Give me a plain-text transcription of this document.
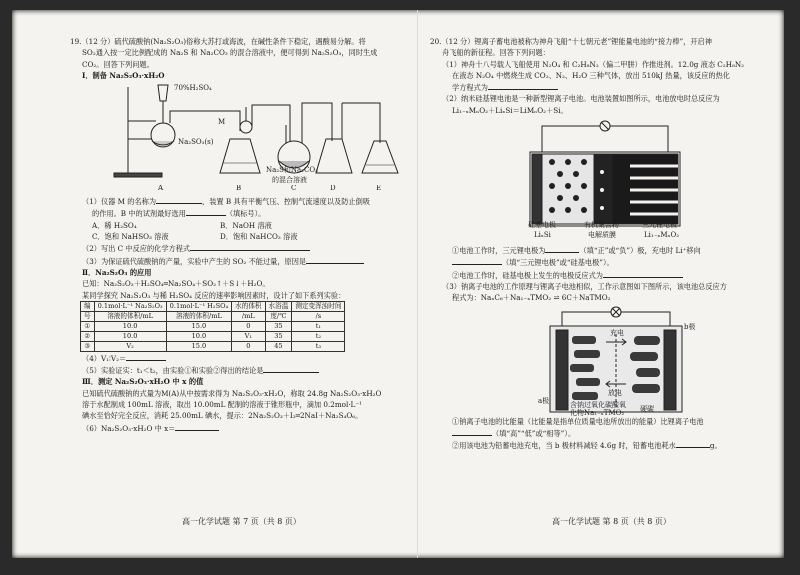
19.（12 分）硫代硫酸钠(Na₂S₂O₃)俗称大苏打或海波，在碱性条件下稳定，遇酸易分解。将
SO₂通入按一定比例配成的 Na₂S 和 Na₂CO₃ 的混合溶液中，便可得到 Na₂S₂O₃，同时生成
CO₂。回答下列问题。
Ⅰ．制备 Na₂S₂O₃·xH₂O
70%H₂SO₄
M
Na₂SO₃(s)
Na₂S和Na₂CO₃
的混合溶液
A	B	C	D	E
（1）仪器 M 的名称为	，装置 B 具有平衡气压、控制气流速度以及防止倒吸
的作用。B 中的试剂最好选用	（填标号）。
A．稀 H₂SO₄	B．NaOH 溶液
C．饱和 NaHSO₃ 溶液	D．饱和 NaHCO₃ 溶液
（2）写出 C 中反应的化学方程式
（3）为保证硫代硫酸钠的产量，实验中产生的 SO₂ 不能过量，原因是
Ⅱ．Na₂S₂O₃ 的应用
已知：Na₂S₂O₃＋H₂SO₄═Na₂SO₄＋SO₂↑＋S↓＋H₂O。
某同学探究 Na₂S₂O₃ 与稀 H₂SO₄ 反应的速率影响因素时，设计了如下系列实验：
编	0.1mol·L⁻¹ Na₂S₂O₃	0.1mol·L⁻¹ H₂SO₄	水的体积	水浴温	测定变浑浊时间
号	溶液的体积/mL	溶液的体积/mL	/mL	度/℃	/s
①	10.0	15.0	0	35	t₁
②	10.0	10.0	V₁	35	t₂
③	V₂	15.0	0	45	t₃
（4）V₁∶V₂＝
（5）实验证实：t₁＜t₂，由实验①和实验②得出的结论是
Ⅲ．测定 Na₂S₂O₃·xH₂O 中 x 的值
已知硫代硫酸钠的式量为M(A)从中按需求得为 Na₂S₂O₃·xH₂O，称取 24.8g Na₂S₂O₃·xH₂O
溶于水配制成 100mL 溶液，取出 10.00mL 配制的溶液于锥形瓶中，滴加 0.2mol·L⁻¹
碘水至恰好完全反应，消耗 25.00mL 碘水，提示：2Na₂S₂O₃＋I₂═2NaI＋Na₂S₄O₆。
（6）Na₂S₂O₃·xH₂O 中 x＝
高一化学试题 第 7 页（共 8 页）
20.（12 分）锂离子蓄电池被称为神舟飞船“十七朝元老”锂能量电池的“接力棒”，开启神
舟飞船的新征程。回答下列问题：
（1）神舟十八号载人飞船使用 N₂O₄ 和 C₂H₈N₂（偏二甲肼）作推进剂。12.0g 液态 C₂H₈N₂
在液态 N₂O₄ 中燃烧生成 CO₂、N₂、H₂O 三种气体，放出 510kJ 热量，该反应的热化
学方程式为
（2）纳米硅基锂电池是一种新型锂离子电池。电池装置如图所示，电池放电时总反应为
Li₁₋ₓMₙO₂＋LiₓSi＝LiMₙO₂＋Si。
硅基电极
LiₓSi
有机聚合物
电解质膜
三元锂电极
Li₁₋ₓMₙO₂
①电池工作时，三元锂电极为	（填“正”或“负”）极，充电时 Li⁺移向
（填“三元锂电极”或“硅基电极”）。
②电池工作时，硅基电极上发生的电极反应式为
（3）钠离子电池的工作原理与锂离子电池相似，工作示意图如下图所示，该电池总反应方
程式为：NaₓC₆＋Na₁₋ₓTMO₂ ⇌ 6C＋NaTMO₂
充电
放电
a极
b极
含钠过氧化碳酸氧
化物Na₁₋ₓTMO₂ 硬碳
①钠离子电池的比能量（比能量是指单位质量电池所放出的能量）比锂离子电池
（填“高”“低”或“相等”）。
②用该电池为铅蓄电池充电，当 b 极材料减轻 4.6g 时，铅蓄电池耗水	g。
高一化学试题 第 8 页（共 8 页）
